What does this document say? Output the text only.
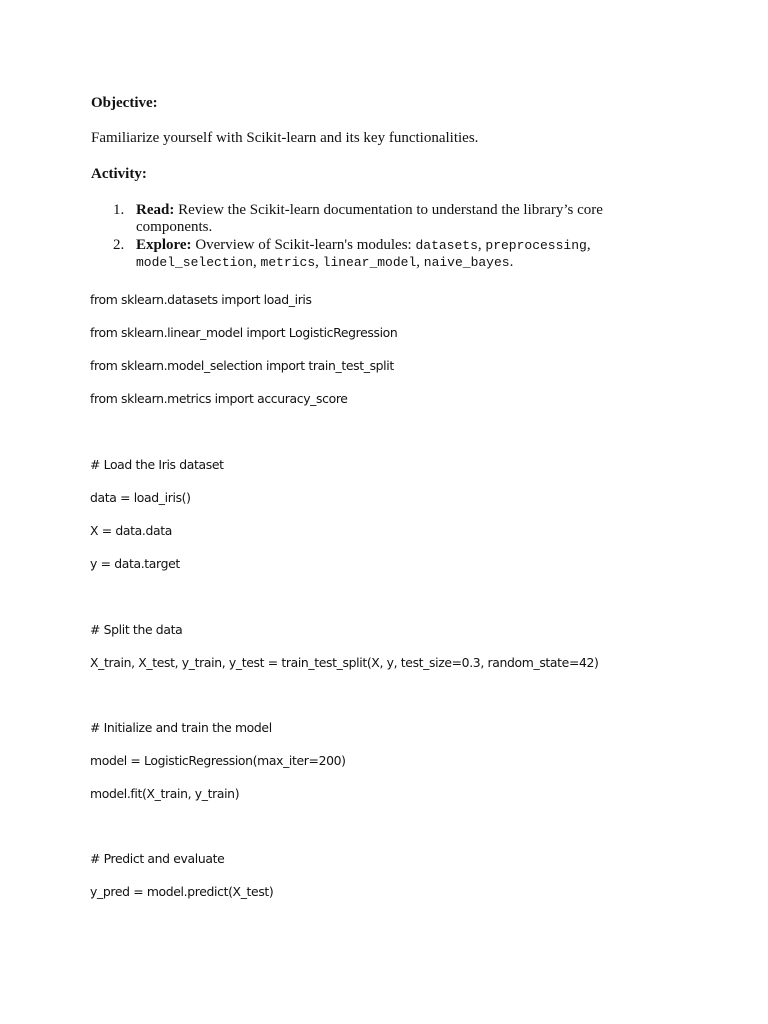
Objective:
Familiarize yourself with Scikit-learn and its key functionalities.
Activity:
1. Read: Review the Scikit-learn documentation to understand the library’s core components.
2. Explore: Overview of Scikit-learn's modules: datasets, preprocessing, model_selection, metrics, linear_model, naive_bayes.
from sklearn.datasets import load_iris
from sklearn.linear_model import LogisticRegression
from sklearn.model_selection import train_test_split
from sklearn.metrics import accuracy_score
# Load the Iris dataset
data = load_iris()
X = data.data
y = data.target
# Split the data
X_train, X_test, y_train, y_test = train_test_split(X, y, test_size=0.3, random_state=42)
# Initialize and train the model
model = LogisticRegression(max_iter=200)
model.fit(X_train, y_train)
# Predict and evaluate
y_pred = model.predict(X_test)
